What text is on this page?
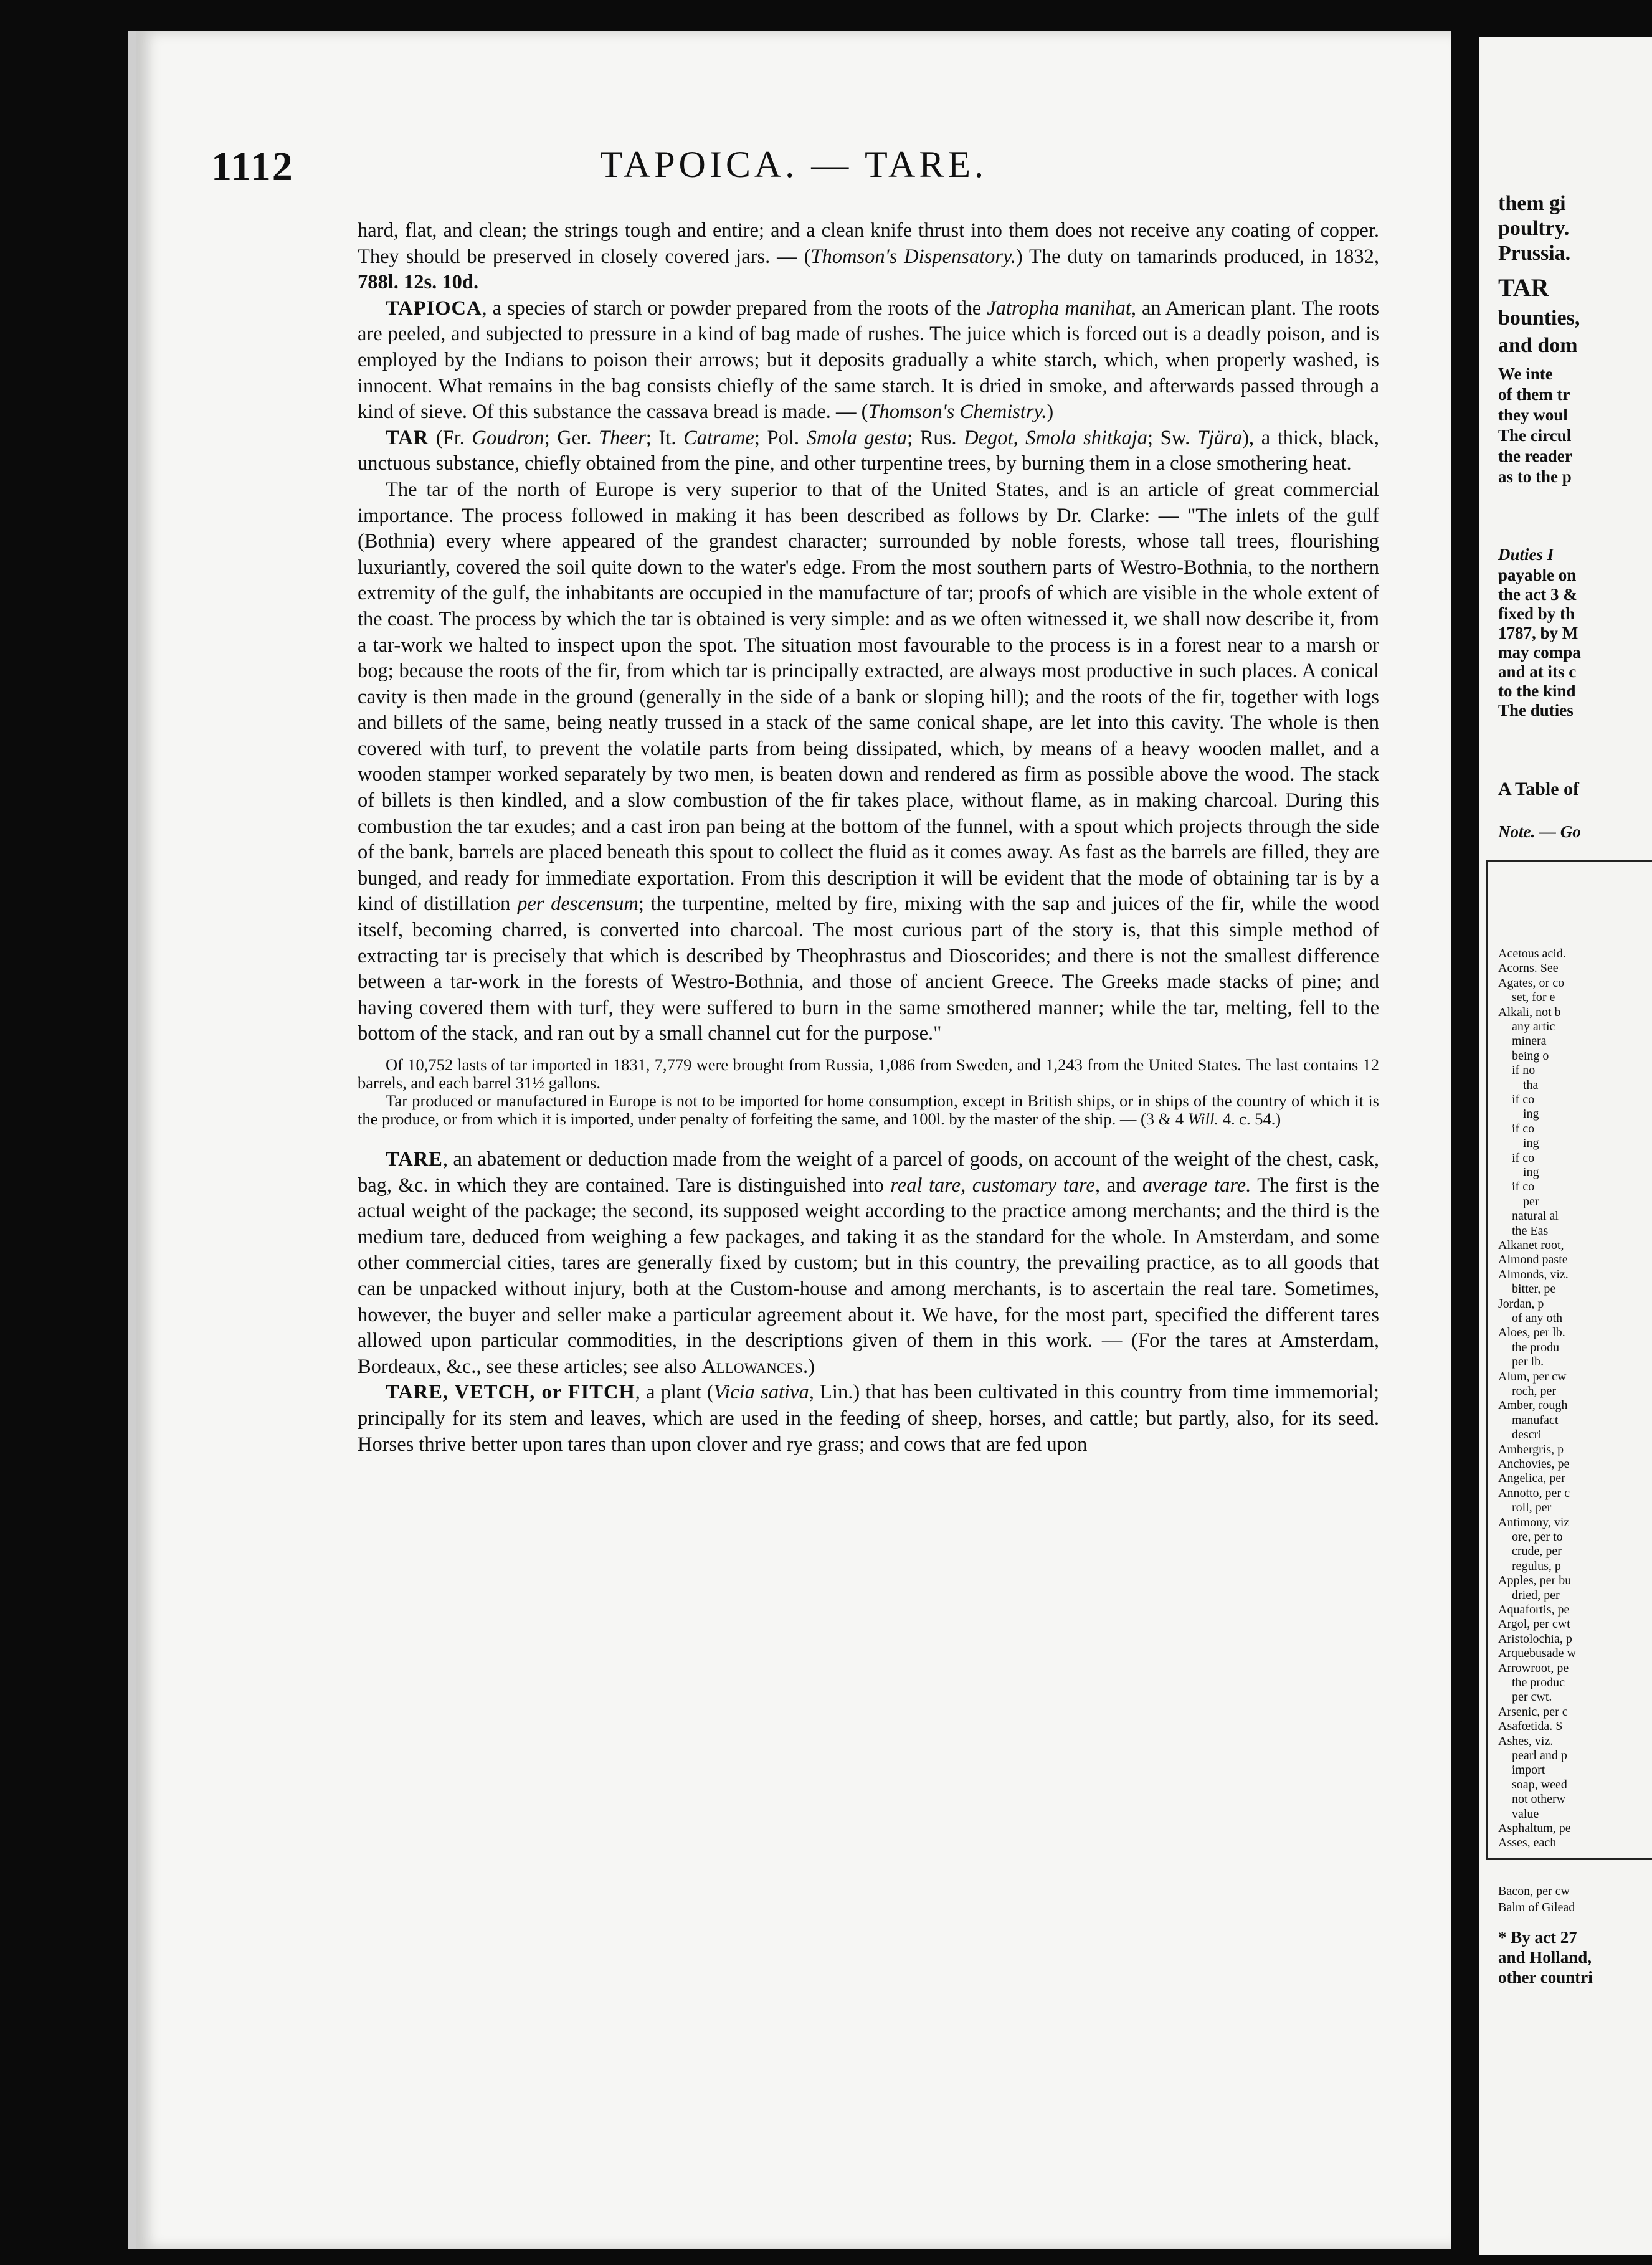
1112	TAPOICA. — TARE.

hard, flat, and clean; the strings tough and entire; and a clean knife thrust into them does not receive any coating of copper. They should be preserved in closely covered jars. — (Thomson's Dispensatory.) The duty on tamarinds produced, in 1832, 788l. 12s. 10d.

TAPIOCA, a species of starch or powder prepared from the roots of the Jatropha manihat, an American plant. The roots are peeled, and subjected to pressure in a kind of bag made of rushes. The juice which is forced out is a deadly poison, and is employed by the Indians to poison their arrows; but it deposits gradually a white starch, which, when properly washed, is innocent. What remains in the bag consists chiefly of the same starch. It is dried in smoke, and afterwards passed through a kind of sieve. Of this substance the cassava bread is made. — (Thomson's Chemistry.)

TAR (Fr. Goudron; Ger. Theer; It. Catrame; Pol. Smola gesta; Rus. Degot, Smola shitkaja; Sw. Tjära), a thick, black, unctuous substance, chiefly obtained from the pine, and other turpentine trees, by burning them in a close smothering heat.

The tar of the north of Europe is very superior to that of the United States, and is an article of great commercial importance. The process followed in making it has been described as follows by Dr. Clarke: — "The inlets of the gulf (Bothnia) every where appeared of the grandest character; surrounded by noble forests, whose tall trees, flourishing luxuriantly, covered the soil quite down to the water's edge. From the most southern parts of Westro-Bothnia, to the northern extremity of the gulf, the inhabitants are occupied in the manufacture of tar; proofs of which are visible in the whole extent of the coast. The process by which the tar is obtained is very simple: and as we often witnessed it, we shall now describe it, from a tar-work we halted to inspect upon the spot. The situation most favourable to the process is in a forest near to a marsh or bog; because the roots of the fir, from which tar is principally extracted, are always most productive in such places. A conical cavity is then made in the ground (generally in the side of a bank or sloping hill); and the roots of the fir, together with logs and billets of the same, being neatly trussed in a stack of the same conical shape, are let into this cavity. The whole is then covered with turf, to prevent the volatile parts from being dissipated, which, by means of a heavy wooden mallet, and a wooden stamper worked separately by two men, is beaten down and rendered as firm as possible above the wood. The stack of billets is then kindled, and a slow combustion of the fir takes place, without flame, as in making charcoal. During this combustion the tar exudes; and a cast iron pan being at the bottom of the funnel, with a spout which projects through the side of the bank, barrels are placed beneath this spout to collect the fluid as it comes away. As fast as the barrels are filled, they are bunged, and ready for immediate exportation. From this description it will be evident that the mode of obtaining tar is by a kind of distillation per descensum; the turpentine, melted by fire, mixing with the sap and juices of the fir, while the wood itself, becoming charred, is converted into charcoal. The most curious part of the story is, that this simple method of extracting tar is precisely that which is described by Theophrastus and Dioscorides; and there is not the smallest difference between a tar-work in the forests of Westro-Bothnia, and those of ancient Greece. The Greeks made stacks of pine; and having covered them with turf, they were suffered to burn in the same smothered manner; while the tar, melting, fell to the bottom of the stack, and ran out by a small channel cut for the purpose."

Of 10,752 lasts of tar imported in 1831, 7,779 were brought from Russia, 1,086 from Sweden, and 1,243 from the United States. The last contains 12 barrels, and each barrel 31½ gallons.

Tar produced or manufactured in Europe is not to be imported for home consumption, except in British ships, or in ships of the country of which it is the produce, or from which it is imported, under penalty of forfeiting the same, and 100l. by the master of the ship. — (3 & 4 Will. 4. c. 54.)

TARE, an abatement or deduction made from the weight of a parcel of goods, on account of the weight of the chest, cask, bag, &c. in which they are contained. Tare is distinguished into real tare, customary tare, and average tare. The first is the actual weight of the package; the second, its supposed weight according to the practice among merchants; and the third is the medium tare, deduced from weighing a few packages, and taking it as the standard for the whole. In Amsterdam, and some other commercial cities, tares are generally fixed by custom; but in this country, the prevailing practice, as to all goods that can be unpacked without injury, both at the Custom-house and among merchants, is to ascertain the real tare. Sometimes, however, the buyer and seller make a particular agreement about it. We have, for the most part, specified the different tares allowed upon particular commodities, in the descriptions given of them in this work. — (For the tares at Amsterdam, Bordeaux, &c., see these articles; see also Allowances.)

TARE, VETCH, or FITCH, a plant (Vicia sativa, Lin.) that has been cultivated in this country from time immemorial; principally for its stem and leaves, which are used in the feeding of sheep, horses, and cattle; but partly, also, for its seed. Horses thrive better upon tares than upon clover and rye grass; and cows that are fed upon

them gi
poultry.
Prussia.
TAR
bounties,
and dom
We inte
of them tr
they woul
The circul
the reader
as to the p
Duties I
payable on
the act 3 &
fixed by th
1787, by M
may compa
and at its c
to the kind
The duties
A Table of
Note. — Go
Acetous acid.
Acorns. See
Agates, or co
set, for e
Alkali, not b
any artic
minera
being o
if no
tha
if co
ing
if co
ing
if co
ing
if co
per
natural al
the Eas
Alkanet root,
Almond paste
Almonds, viz.
bitter, pe
Jordan, p
of any oth
Aloes, per lb.
the produ
per lb.
Alum, per cw
roch, per
Amber, rough
manufact
descri
Ambergris, p
Anchovies, pe
Angelica, per
Annotto, per c
roll, per
Antimony, viz
ore, per to
crude, per
regulus, p
Apples, per bu
dried, per
Aquafortis, pe
Argol, per cwt
Aristolochia, p
Arquebusade w
Arrowroot, pe
the produc
per cwt.
Arsenic, per c
Asafœtida. S
Ashes, viz.
pearl and p
import
soap, weed
not otherw
value
Asphaltum, pe
Asses, each
Bacon, per cw
Balm of Gilead
* By act 27
and Holland,
other countri
